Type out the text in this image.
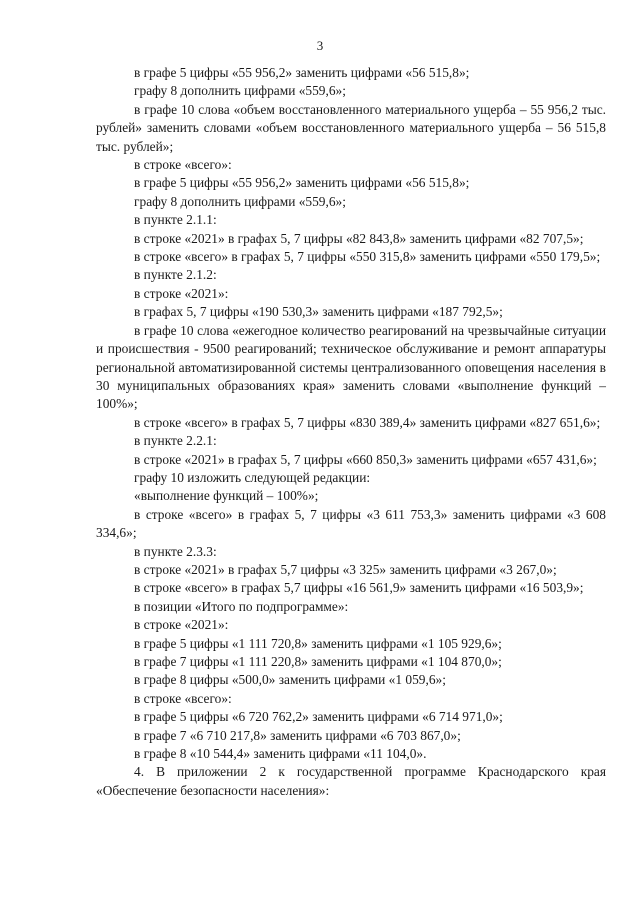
3

в графе 5 цифры «55 956,2» заменить цифрами «56 515,8»;

графу 8 дополнить цифрами «559,6»;

в графе 10 слова «объем восстановленного материального ущерба – 55 956,2 тыс. рублей» заменить словами «объем восстановленного материального ущерба – 56 515,8 тыс. рублей»;

в строке «всего»:

в графе 5 цифры «55 956,2» заменить цифрами «56 515,8»;

графу 8 дополнить цифрами «559,6»;

в пункте 2.1.1:

в строке «2021» в графах 5, 7 цифры «82 843,8» заменить цифрами «82 707,5»;

в строке «всего» в графах 5, 7 цифры «550 315,8» заменить цифрами «550 179,5»;

в пункте 2.1.2:

в строке «2021»:

в графах 5, 7 цифры «190 530,3» заменить цифрами «187 792,5»;

в графе 10 слова «ежегодное количество реагирований на чрезвычайные ситуации и происшествия - 9500 реагирований; техническое обслуживание и ремонт аппаратуры региональной автоматизированной системы централизованного оповещения населения в 30 муниципальных образованиях края» заменить словами «выполнение функций – 100%»;

в строке «всего» в графах 5, 7 цифры «830 389,4» заменить цифрами «827 651,6»;

в пункте 2.2.1:

в строке «2021» в графах 5, 7 цифры «660 850,3» заменить цифрами «657 431,6»;

графу 10 изложить следующей редакции:

«выполнение функций – 100%»;

в строке «всего» в графах 5, 7 цифры «3 611 753,3» заменить цифрами «3 608 334,6»;

в пункте 2.3.3:

в строке «2021» в графах 5,7 цифры «3 325» заменить цифрами «3 267,0»;

в строке «всего» в графах 5,7 цифры «16 561,9» заменить цифрами «16 503,9»;

в позиции «Итого по подпрограмме»:

в строке «2021»:

в графе 5 цифры «1 111 720,8» заменить цифрами «1 105 929,6»;

в графе 7 цифры «1 111 220,8» заменить цифрами «1 104 870,0»;

в графе 8 цифры «500,0» заменить цифрами «1 059,6»;

в строке «всего»:

в графе 5 цифры «6 720 762,2» заменить цифрами «6 714 971,0»;

в графе 7 «6 710 217,8» заменить цифрами «6 703 867,0»;

в графе 8 «10 544,4» заменить цифрами «11 104,0».

4. В приложении 2 к государственной программе Краснодарского края «Обеспечение безопасности населения»:
